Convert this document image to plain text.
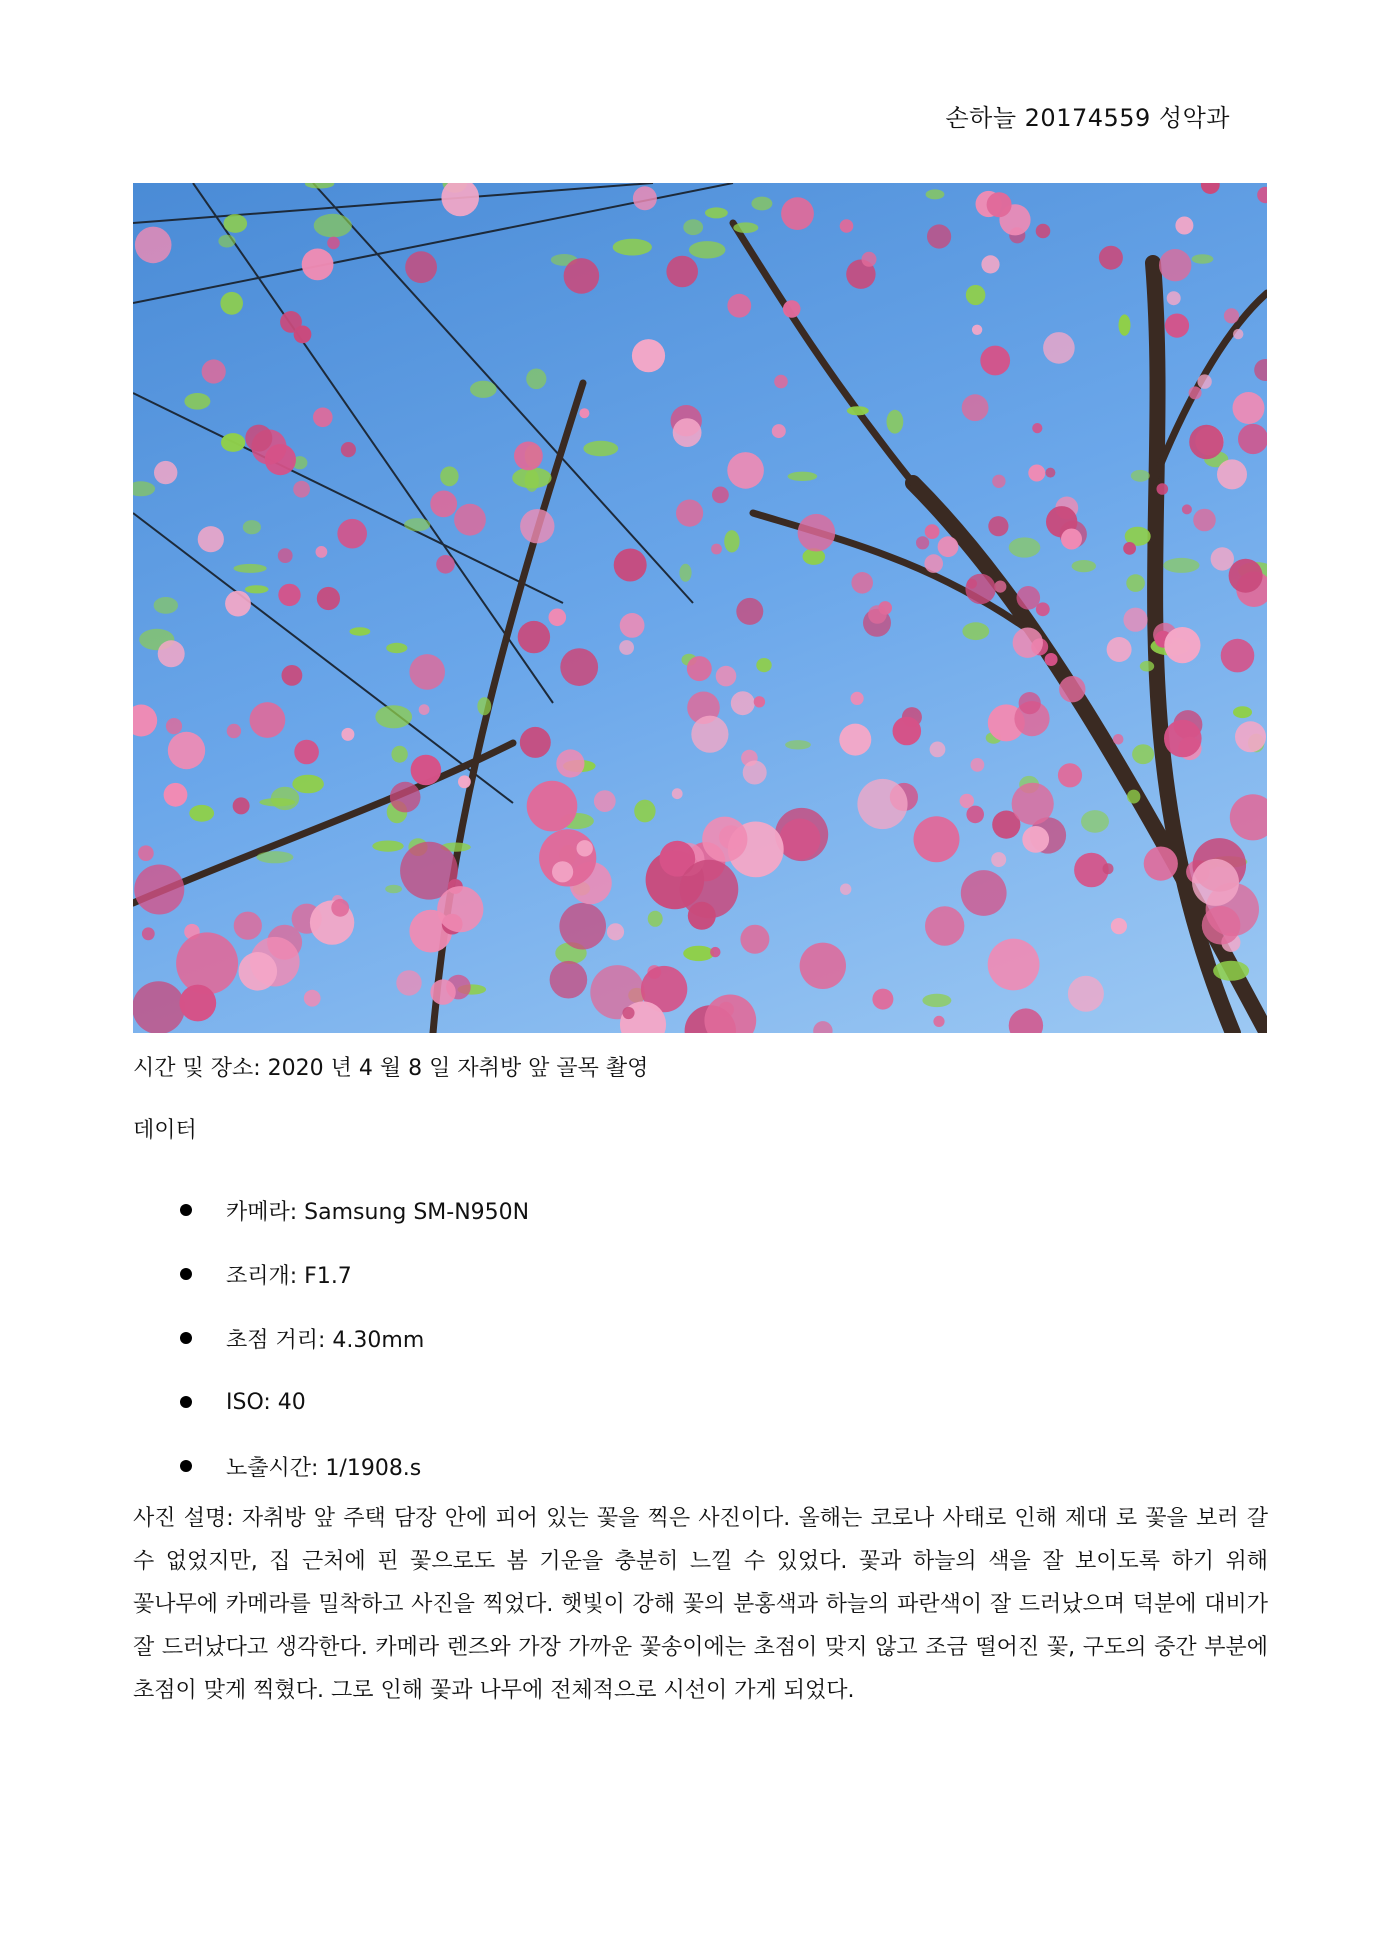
손하늘 20174559 성악과
시간 및 장소: 2020 년 4 월 8 일 자취방 앞 골목 촬영
데이터
카메라: Samsung SM-N950N
조리개: F1.7
초점 거리: 4.30mm
ISO: 40
노출시간: 1/1908.s

사진 설명: 자취방 앞 주택 담장 안에 피어 있는 꽃을 찍은 사진이다. 올해는 코로나 사태로 인해 제대 로 꽃을 보러 갈 수 없었지만, 집 근처에 핀 꽃으로도 봄 기운을 충분히 느낄 수 있었다. 꽃과 하늘의 색을 잘 보이도록 하기 위해 꽃나무에 카메라를 밀착하고 사진을 찍었다. 햇빛이 강해 꽃의 분홍색과 하늘의 파란색이 잘 드러났으며 덕분에 대비가 잘 드러났다고 생각한다. 카메라 렌즈와 가장 가까운 꽃송이에는 초점이 맞지 않고 조금 떨어진 꽃, 구도의 중간 부분에 초점이 맞게 찍혔다. 그로 인해 꽃과 나무에 전체적으로 시선이 가게 되었다.
